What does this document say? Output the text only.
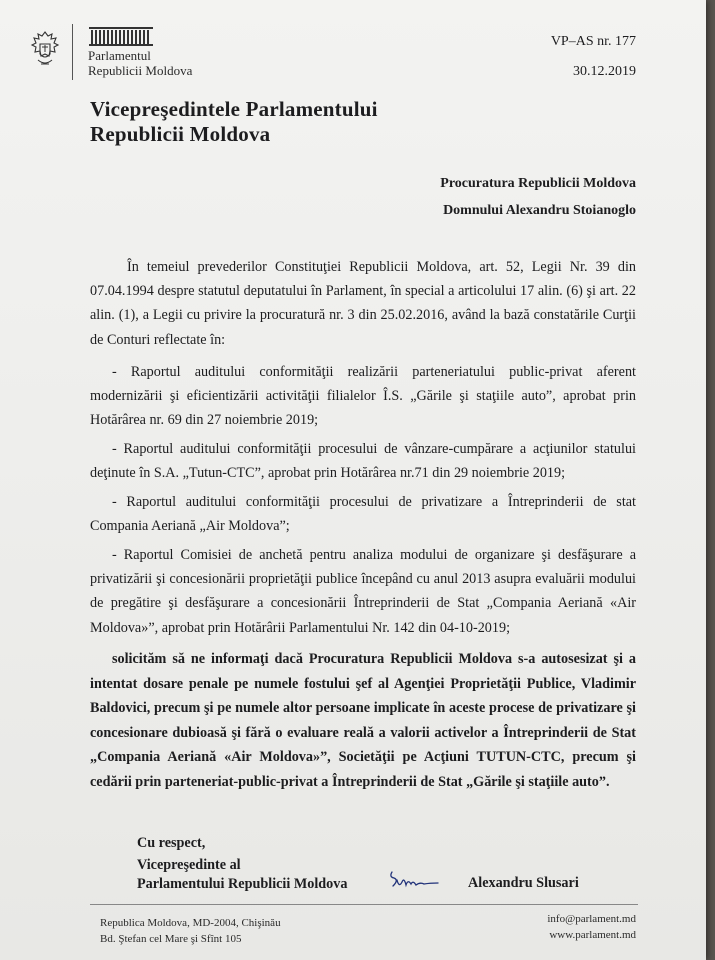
Parlamentul
Republicii Moldova
VP–AS nr. 177
30.12.2019
Vicepreşedintele Parlamentului
Republicii Moldova
Procuratura Republicii Moldova
Domnului Alexandru Stoianoglo
În temeiul prevederilor Constituţiei Republicii Moldova, art. 52, Legii Nr. 39 din 07.04.1994 despre statutul deputatului în Parlament, în special a articolului 17 alin. (6) şi art. 22 alin. (1), a Legii cu privire la procuratură nr. 3 din 25.02.2016, având la bază constatările Curţii de Conturi reflectate în:
- Raportul auditului conformităţii realizării parteneriatului public-privat aferent modernizării şi eficientizării activităţii filialelor Î.S. „Gările şi staţiile auto”, aprobat prin Hotărârea nr. 69 din 27 noiembrie 2019;
- Raportul auditului conformităţii procesului de vânzare-cumpărare a acţiunilor statului deţinute în S.A. „Tutun-CTC”, aprobat prin Hotărârea nr.71 din 29 noiembrie 2019;
- Raportul auditului conformităţii procesului de privatizare a Întreprinderii de stat Compania Aeriană „Air Moldova”;
- Raportul Comisiei de anchetă pentru analiza modului de organizare şi desfăşurare a privatizării şi concesionării proprietăţii publice începând cu anul 2013 asupra evaluării modului de pregătire şi desfăşurare a concesionării Întreprinderii de Stat „Compania Aeriană «Air Moldova»”, aprobat prin Hotărârii Parlamentului Nr. 142 din 04-10-2019;
solicităm să ne informaţi dacă Procuratura Republicii Moldova s-a autosesizat şi a intentat dosare penale pe numele fostului şef al Agenţiei Proprietăţii Publice, Vladimir Baldovici, precum şi pe numele altor persoane implicate în aceste procese de privatizare şi concesionare dubioasă şi fără o evaluare reală a valorii activelor a Întreprinderii de Stat „Compania Aeriană «Air Moldova»”, Societăţii pe Acţiuni TUTUN-CTC, precum şi cedării prin parteneriat-public-privat a Întreprinderii de Stat „Gările şi staţiile auto”.
Cu respect,
Vicepreşedinte al
Parlamentului Republicii Moldova	Alexandru Slusari
Republica Moldova, MD-2004, Chişinău
Bd. Ştefan cel Mare şi Sfînt 105
info@parlament.md
www.parlament.md
